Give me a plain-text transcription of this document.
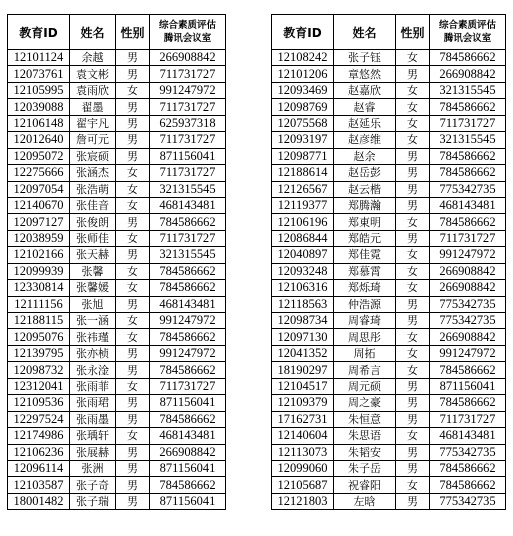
教育ID	姓名	性别	综合素质评估
腾讯会议室

12101124	余越	男	266908842
12073761	袁文彬	男	711731727
12105995	袁雨欣	女	991247972
12039088	翟墨	男	711731727
12106148	翟宇凡	男	625937318
12012640	詹可元	男	711731727
12095072	张宸硕	男	871156041
12275666	张涵杰	女	711731727
12097054	张浩萌	女	321315545
12140670	张佳音	女	468143481
12097127	张俊朗	男	784586662
12038959	张师佳	女	711731727
12102166	张天赫	男	321315545
12099939	张馨	女	784586662
12330814	张馨媛	女	784586662
12111156	张旭	男	468143481
12188115	张一涵	女	991247972
12095076	张祎瑾	女	784586662
12139795	张亦桢	男	991247972
12098732	张永淦	男	784586662
12312041	张雨菲	女	711731727
12109536	张雨珺	男	871156041
12297524	张雨墨	男	784586662
12174986	张瑀轩	女	468143481
12106236	张展赫	男	266908842
12096114	张洲	男	871156041
12103587	张子奇	男	784586662
18001482	张子瑞	男	871156041
教育ID	姓名	性别	综合素质评估
腾讯会议室

12108242	张子钰	女	784586662
12101206	章悠然	男	266908842
12093469	赵嘉欣	女	321315545
12098769	赵睿	女	784586662
12075568	赵延乐	女	711731727
12093197	赵彦维	女	321315545
12098771	赵余	男	784586662
12188614	赵岳彭	男	784586662
12126567	赵云楷	男	775342735
12119377	郑腾瀚	男	468143481
12106196	郑東明	女	784586662
12086844	郑皓元	男	711731727
12040897	郑佳霓	女	991247972
12093248	郑慕霄	女	266908842
12106316	郑烁琦	女	266908842
12118563	仲浩源	男	775342735
12098734	周睿琦	男	775342735
12097130	周思彤	女	266908842
12041352	周拓	女	991247972
18190297	周希言	女	784586662
12104517	周元硕	男	871156041
12109379	周之豪	男	784586662
17162731	朱恒意	男	711731727
12140604	朱思语	女	468143481
12113073	朱韬安	男	775342735
12099060	朱子岳	男	784586662
12105687	祝睿阳	女	784586662
12121803	左晗	男	775342735
